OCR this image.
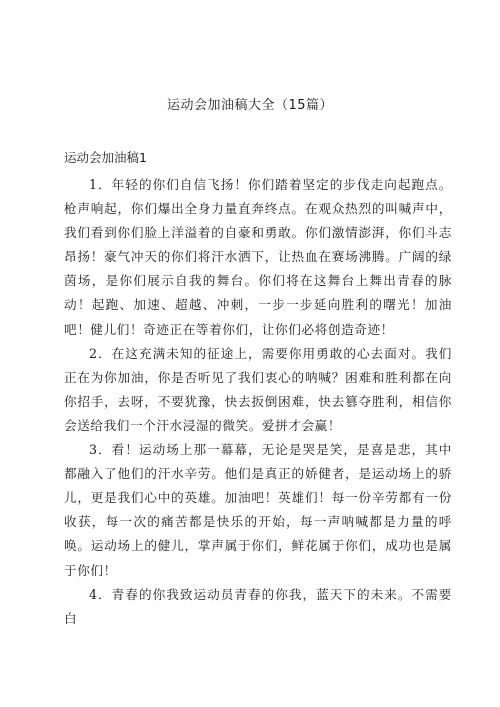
运动会加油稿大全（15篇）
运动会加油稿1

1．年轻的你们自信飞扬！你们踏着坚定的步伐走向起跑点。枪声响起，你们爆出全身力量直奔终点。在观众热烈的叫喊声中，我们看到你们脸上洋溢着的自豪和勇敢。你们激情澎湃，你们斗志昂扬！豪气冲天的你们将汗水洒下，让热血在赛场沸腾。广阔的绿茵场，是你们展示自我的舞台。你们将在这舞台上舞出青春的脉动！起跑、加速、超越、冲刺，一步一步延向胜利的曙光！加油吧！健儿们！奇迹正在等着你们，让你们必将创造奇迹！

2．在这充满未知的征途上，需要你用勇敢的心去面对。我们正在为你加油，你是否听见了我们衷心的呐喊？困难和胜利都在向你招手，去呀，不要犹豫，快去扳倒困难，快去篡夺胜利，相信你会送给我们一个汗水浸湿的微笑。爱拼才会赢！

3．看！运动场上那一幕幕，无论是哭是笑，是喜是悲，其中都融入了他们的汗水辛劳。他们是真正的娇健者，是运动场上的骄儿，更是我们心中的英雄。加油吧！英雄们！每一份辛劳都有一份收获，每一次的痛苦都是快乐的开始，每一声呐喊都是力量的呼唤。运动场上的健儿，掌声属于你们，鲜花属于你们，成功也是属于你们！

4．青春的你我致运动员青春的你我，蓝天下的未来。不需要白
